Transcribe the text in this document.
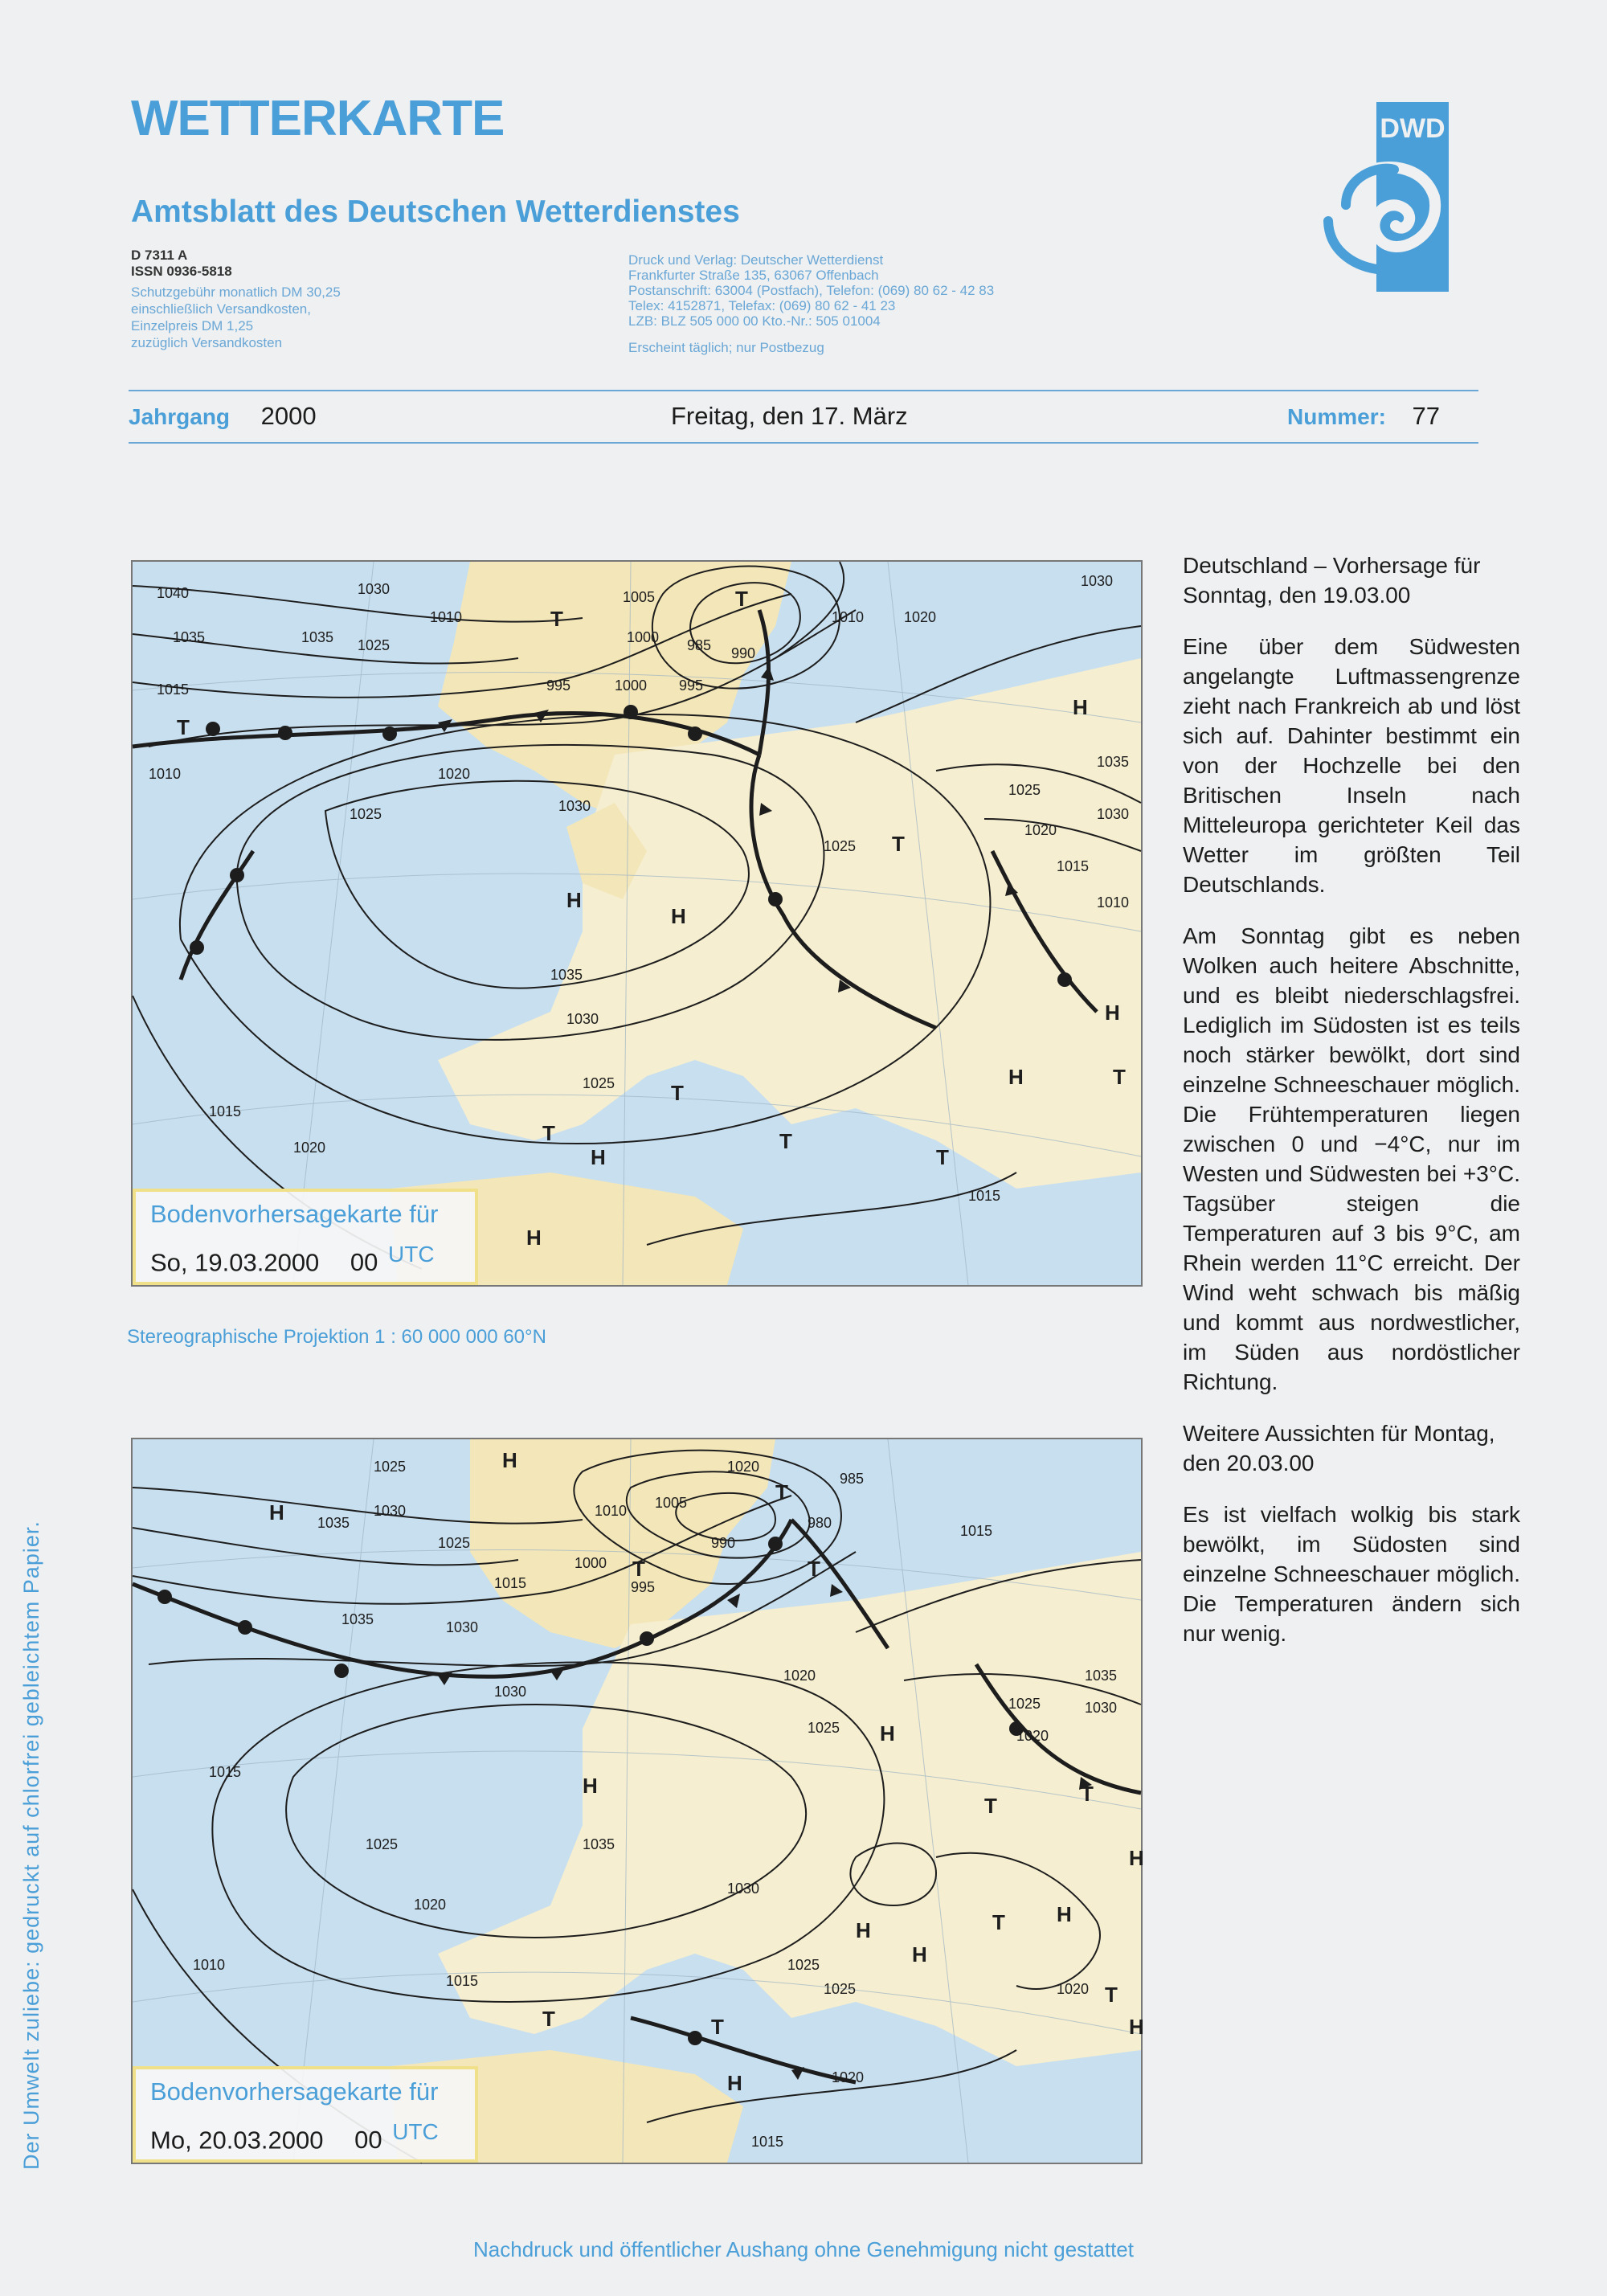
WETTERKARTE
Amtsblatt des Deutschen Wetterdienstes
D 7311 A
ISSN 0936-5818
Schutzgebühr monatlich DM 30,25
einschließlich Versandkosten,
Einzelpreis DM 1,25
zuzüglich Versandkosten
Druck und Verlag: Deutscher Wetterdienst
Frankfurter Straße 135, 63067 Offenbach
Postanschrift: 63004 (Postfach), Telefon: (069) 80 62 - 42 83
Telex: 4152871, Telefax: (069) 80 62 - 41 23
LZB: BLZ 505 000 00 Kto.-Nr.: 505 01004
Erscheint täglich; nur Postbezug
DWD
Jahrgang 2000	Freitag, den 17. März	Nummer: 77
Der Umwelt zuliebe: gedruckt auf chlorfrei gebleichtem Papier.
1040
1035	1035
1030
1025
1015
1010	1020
1025	1030
1035
1030
1025
1015
1020
1010
1005
1000
995
990
985
1000 995
1010	1020
1030
1035
1030
1025
1020
1015
1010
1025
1015
H
H
H
H
H
H
H
T
T
T
T
T
T	T
T
T
Bodenvorhersagekarte für
So, 19.03.2000 00 UTC
Stereographische Projektion 1 : 60 000 000 60°N
1025
1030
1035
1025
1015
1035	1030
1020
1005
1010
1000
995
990
985
980	1015
1030
1020
1025
1035
1030
1025
1020
1035
1030
1025
1020
1015
1010
1015
1025
1020
1025
1015
1020
H
H
H
H
H
H
H
H
H
H
T
T	T
T	T
T
T
T	T
Bodenvorhersagekarte für
Mo, 20.03.2000 00 UTC

Deutschland – Vorhersage für Sonntag, den 19.03.00

Eine über dem Südwesten angelangte Luftmassengrenze zieht nach Frankreich ab und löst sich auf. Dahinter bestimmt ein von der Hochzelle bei den Britischen Inseln nach Mitteleuropa gerichteter Keil das Wetter im größten Teil Deutschlands.

Am Sonntag gibt es neben Wolken auch heitere Abschnitte, und es bleibt niederschlagsfrei. Lediglich im Südosten ist es teils noch stärker bewölkt, dort sind einzelne Schneeschauer möglich. Die Frühtemperaturen liegen zwischen 0 und −4°C, nur im Westen und Südwesten bei +3°C. Tagsüber steigen die Temperaturen auf 3 bis 9°C, am Rhein werden 11°C erreicht. Der Wind weht schwach bis mäßig und kommt aus nordwestlicher, im Süden aus nordöstlicher Richtung.

Weitere Aussichten für Montag, den 20.03.00

Es ist vielfach wolkig bis stark bewölkt, im Südosten sind einzelne Schneeschauer möglich. Die Temperaturen ändern sich nur wenig.

Nachdruck und öffentlicher Aushang ohne Genehmigung nicht gestattet
